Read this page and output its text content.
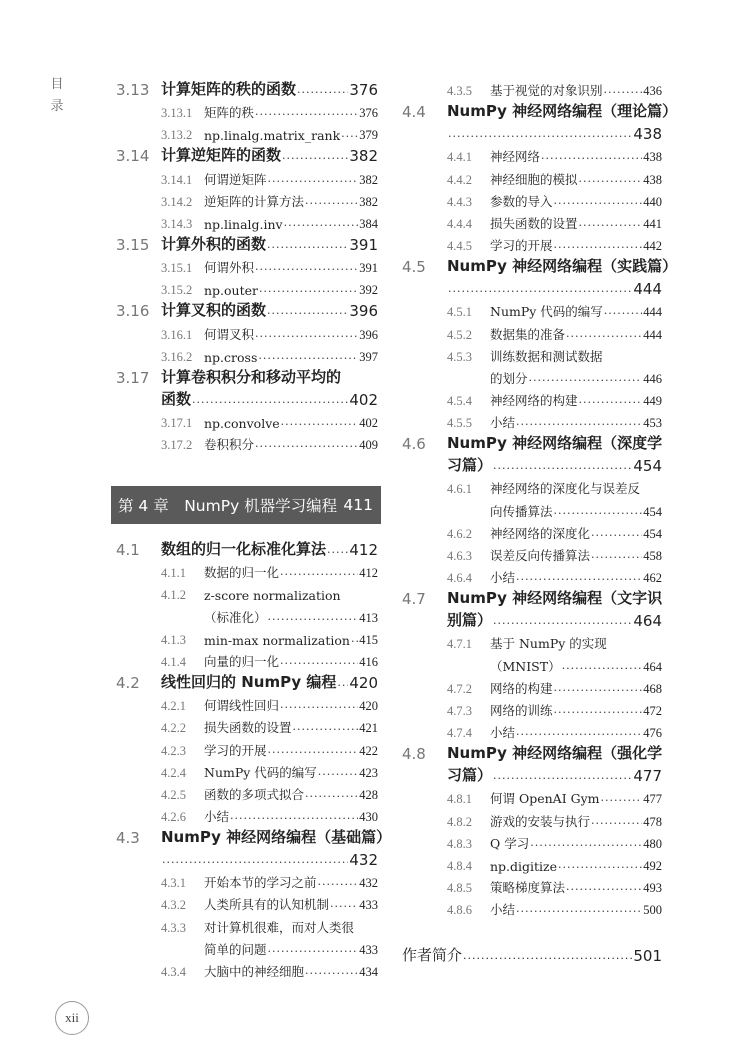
目 录
3.13 计算矩阵的秩的函数 .....	376
3.13.1 矩阵的秩 .....	376
3.13.2 np.linalg.matrix_rank ..... 379
3.14 计算逆矩阵的函数 .....	382
3.14.1 何谓逆矩阵 .....	382
3.14.2 逆矩阵的计算方法 .....	382
3.14.3 np.linalg.inv .....	384
3.15 计算外积的函数 .....	391
3.15.1 何谓外积 .....	391
3.15.2 np.outer .....	392
3.16 计算叉积的函数 .....	396
3.16.1 何谓叉积 .....	396
3.16.2 np.cross .....	397
3.17 计算卷积积分和移动平均的
函数 .....	402
3.17.1 np.convolve .....	402
3.17.2 卷积积分 .....	409
第 4 章　NumPy 机器学习编程 411
4.1	数组的归一化标准化算法 ..... 412
4.1.1	数据的归一化 .....	412
4.1.2	z-score normalization
（标准化） .....	413
4.1.3	min-max normalization ..... 415
4.1.4	向量的归一化 .....	416
4.2	线性回归的 NumPy 编程 ..... 420
4.2.1	何谓线性回归 .....	420
4.2.2	损失函数的设置 .....	421
4.2.3	学习的开展 .....	422
4.2.4	NumPy 代码的编写 .....	423
4.2.5	函数的多项式拟合 .....	428
4.2.6	小结 .....	430
4.3	NumPy 神经网络编程（基础篇）
.....
432
4.3.1	开始本节的学习之前 .....	432
4.3.2	人类所具有的认知机制 ..... 433
4.3.3	对计算机很难，而对人类很
简单的问题 .....	433
4.3.4	大脑中的神经细胞 .....	434
4.3.5	基于视觉的对象识别 .....	436
4.4	NumPy 神经网络编程（理论篇）
.....
438
4.4.1	神经网络 .....	438
4.4.2	神经细胞的模拟 .....	438
4.4.3	参数的导入 .....	440
4.4.4	损失函数的设置 .....	441
4.4.5	学习的开展 .....	442
4.5	NumPy 神经网络编程（实践篇）
.....
444
4.5.1	NumPy 代码的编写 .....	444
4.5.2	数据集的准备 .....	444
4.5.3	训练数据和测试数据
的划分 .....	446
4.5.4	神经网络的构建 .....	449
4.5.5	小结 .....	453
4.6	NumPy 神经网络编程（深度学
习篇） .....	454
4.6.1	神经网络的深度化与误差反
向传播算法 .....	454
4.6.2	神经网络的深度化 .....	454
4.6.3	误差反向传播算法 .....	458
4.6.4	小结 .....	462
4.7	NumPy 神经网络编程（文字识
别篇） .....	464
4.7.1	基于 NumPy 的实现
（MNIST） .....	464
4.7.2	网络的构建 .....	468
4.7.3	网络的训练 .....	472
4.7.4	小结 .....	476
4.8	NumPy 神经网络编程（强化学
习篇） .....	477
4.8.1	何谓 OpenAI Gym .....	477
4.8.2	游戏的安装与执行 .....	478
4.8.3	Q 学习 .....	480
4.8.4	np.digitize .....	492
4.8.5	策略梯度算法 .....	493
4.8.6	小结 .....	500
作者简介 .....	501
xii
